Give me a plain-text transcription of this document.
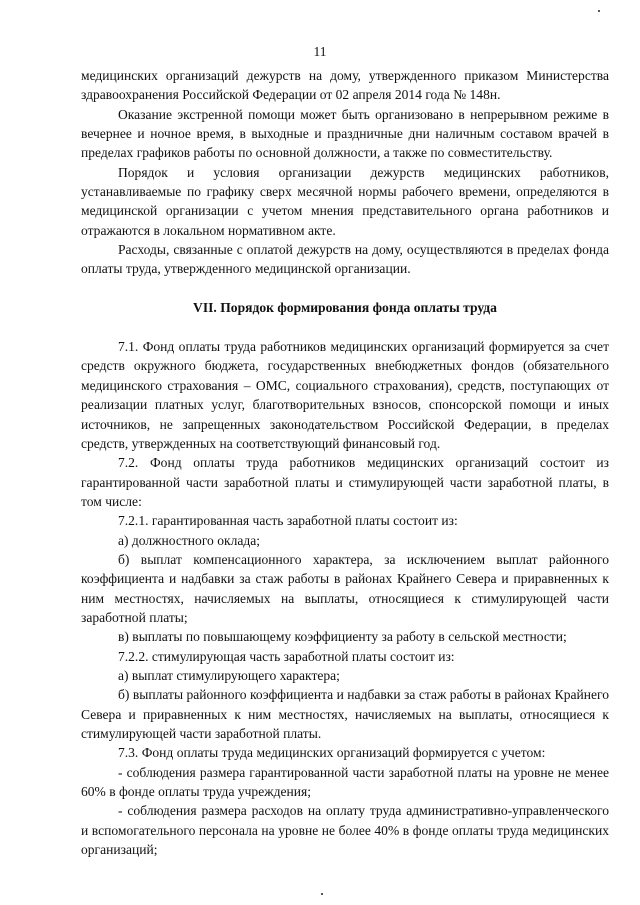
11

медицинских организаций дежурств на дому, утвержденного приказом Министерства здравоохранения Российской Федерации от 02 апреля 2014 года № 148н.

Оказание экстренной помощи может быть организовано в непрерывном режиме в вечернее и ночное время, в выходные и праздничные дни наличным составом врачей в пределах графиков работы по основной должности, а также по совместительству.

Порядок и условия организации дежурств медицинских работников, устанавливаемые по графику сверх месячной нормы рабочего времени, определяются в медицинской организации с учетом мнения представительного органа работников и отражаются в локальном нормативном акте.

Расходы, связанные с оплатой дежурств на дому, осуществляются в пределах фонда оплаты труда, утвержденного медицинской организации.

VII. Порядок формирования фонда оплаты труда

7.1. Фонд оплаты труда работников медицинских организаций формируется за счет средств окружного бюджета, государственных внебюджетных фондов (обязательного медицинского страхования – ОМС, социального страхования), средств, поступающих от реализации платных услуг, благотворительных взносов, спонсорской помощи и иных источников, не запрещенных законодательством Российской Федерации, в пределах средств, утвержденных на соответствующий финансовый год.

7.2. Фонд оплаты труда работников медицинских организаций состоит из гарантированной части заработной платы и стимулирующей части заработной платы, в том числе:

7.2.1. гарантированная часть заработной платы состоит из:

а) должностного оклада;

б) выплат компенсационного характера, за исключением выплат районного коэффициента и надбавки за стаж работы в районах Крайнего Севера и приравненных к ним местностях, начисляемых на выплаты, относящиеся к стимулирующей части заработной платы;

в) выплаты по повышающему коэффициенту за работу в сельской местности;

7.2.2. стимулирующая часть заработной платы состоит из:

а) выплат стимулирующего характера;

б) выплаты районного коэффициента и надбавки за стаж работы в районах Крайнего Севера и приравненных к ним местностях, начисляемых на выплаты, относящиеся к стимулирующей части заработной платы.

7.3. Фонд оплаты труда медицинских организаций формируется с учетом:

- соблюдения размера гарантированной части заработной платы на уровне не менее 60% в фонде оплаты труда учреждения;

- соблюдения размера расходов на оплату труда административно-управленческого и вспомогательного персонала на уровне не более 40% в фонде оплаты труда медицинских организаций;
